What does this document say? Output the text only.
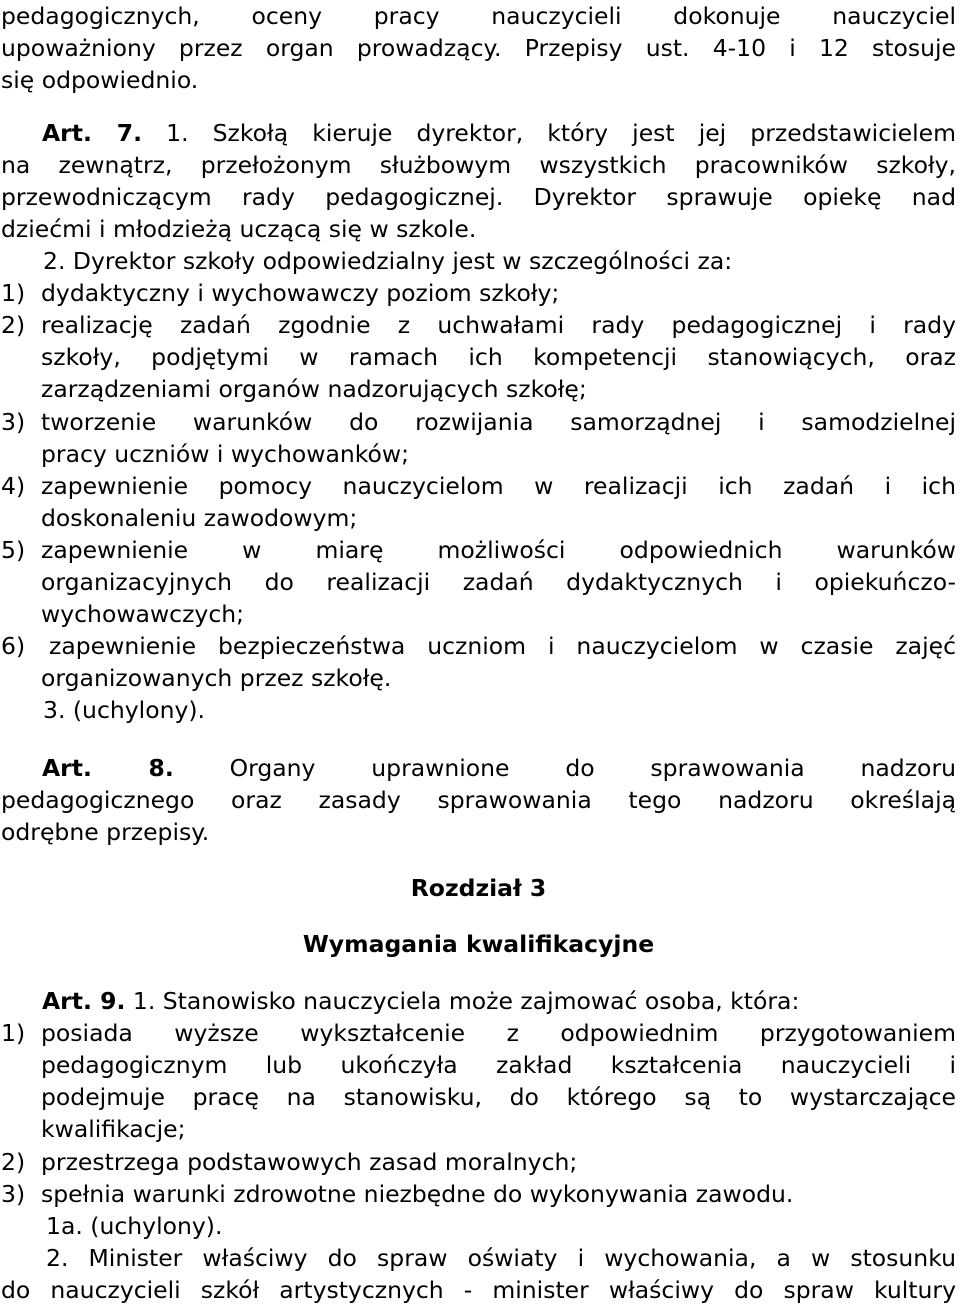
pedagogicznych, oceny pracy nauczycieli dokonuje nauczyciel
upoważniony przez organ prowadzący. Przepisy ust. 4-10 i 12 stosuje
się odpowiednio.
Art. 7. 1. Szkołą kieruje dyrektor, który jest jej przedstawicielem
na zewnątrz, przełożonym służbowym wszystkich pracowników szkoły,
przewodniczącym rady pedagogicznej. Dyrektor sprawuje opiekę nad
dziećmi i młodzieżą uczącą się w szkole.
2. Dyrektor szkoły odpowiedzialny jest w szczególności za:
1) dydaktyczny i wychowawczy poziom szkoły;
2) realizację zadań zgodnie z uchwałami rady pedagogicznej i rady
szkoły, podjętymi w ramach ich kompetencji stanowiących, oraz
zarządzeniami organów nadzorujących szkołę;
3) tworzenie warunków do rozwijania samorządnej i samodzielnej
pracy uczniów i wychowanków;
4) zapewnienie pomocy nauczycielom w realizacji ich zadań i ich
doskonaleniu zawodowym;
5) zapewnienie w miarę możliwości odpowiednich warunków
organizacyjnych do realizacji zadań dydaktycznych i opiekuńczo-
wychowawczych;
6)	zapewnienie bezpieczeństwa uczniom i nauczycielom w czasie zajęć
organizowanych przez szkołę.
3. (uchylony).
Art. 8. Organy uprawnione do sprawowania nadzoru
pedagogicznego oraz zasady sprawowania tego nadzoru określają
odrębne przepisy.
Rozdział 3
Wymagania kwalifikacyjne
Art. 9. 1. Stanowisko nauczyciela może zajmować osoba, która:
1) posiada wyższe wykształcenie z odpowiednim przygotowaniem
pedagogicznym lub ukończyła zakład kształcenia nauczycieli i
podejmuje pracę na stanowisku, do którego są to wystarczające
kwalifikacje;
2) przestrzega podstawowych zasad moralnych;
3) spełnia warunki zdrowotne niezbędne do wykonywania zawodu.
1a. (uchylony).
2. Minister właściwy do spraw oświaty i wychowania, a w stosunku
do nauczycieli szkół artystycznych - minister właściwy do spraw kultury
